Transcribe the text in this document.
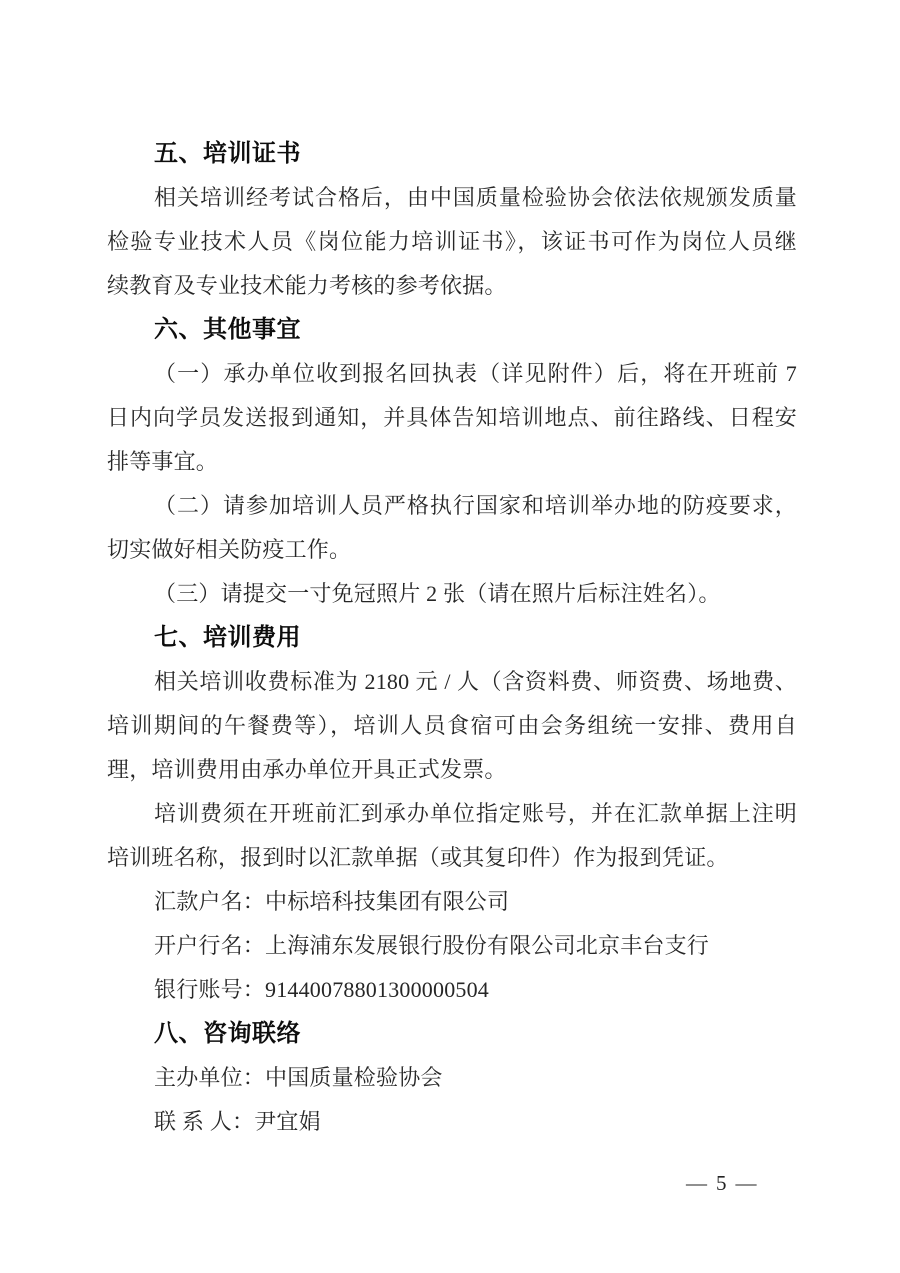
五、培训证书
相关培训经考试合格后，由中国质量检验协会依法依规颁发质量
检验专业技术人员《岗位能力培训证书》，该证书可作为岗位人员继
续教育及专业技术能力考核的参考依据。
六、其他事宜
（一）承办单位收到报名回执表（详见附件）后，将在开班前 7
日内向学员发送报到通知，并具体告知培训地点、前往路线、日程安
排等事宜。
（二）请参加培训人员严格执行国家和培训举办地的防疫要求，
切实做好相关防疫工作。
（三）请提交一寸免冠照片 2 张（请在照片后标注姓名）。
七、培训费用
相关培训收费标准为 2180 元 / 人（含资料费、师资费、场地费、
培训期间的午餐费等），培训人员食宿可由会务组统一安排、费用自
理，培训费用由承办单位开具正式发票。
培训费须在开班前汇到承办单位指定账号，并在汇款单据上注明
培训班名称，报到时以汇款单据（或其复印件）作为报到凭证。
汇款户名：中标培科技集团有限公司
开户行名：上海浦东发展银行股份有限公司北京丰台支行
银行账号：91440078801300000504
八、咨询联络
主办单位：中国质量检验协会
联 系 人：尹宜娟
— 5 —
